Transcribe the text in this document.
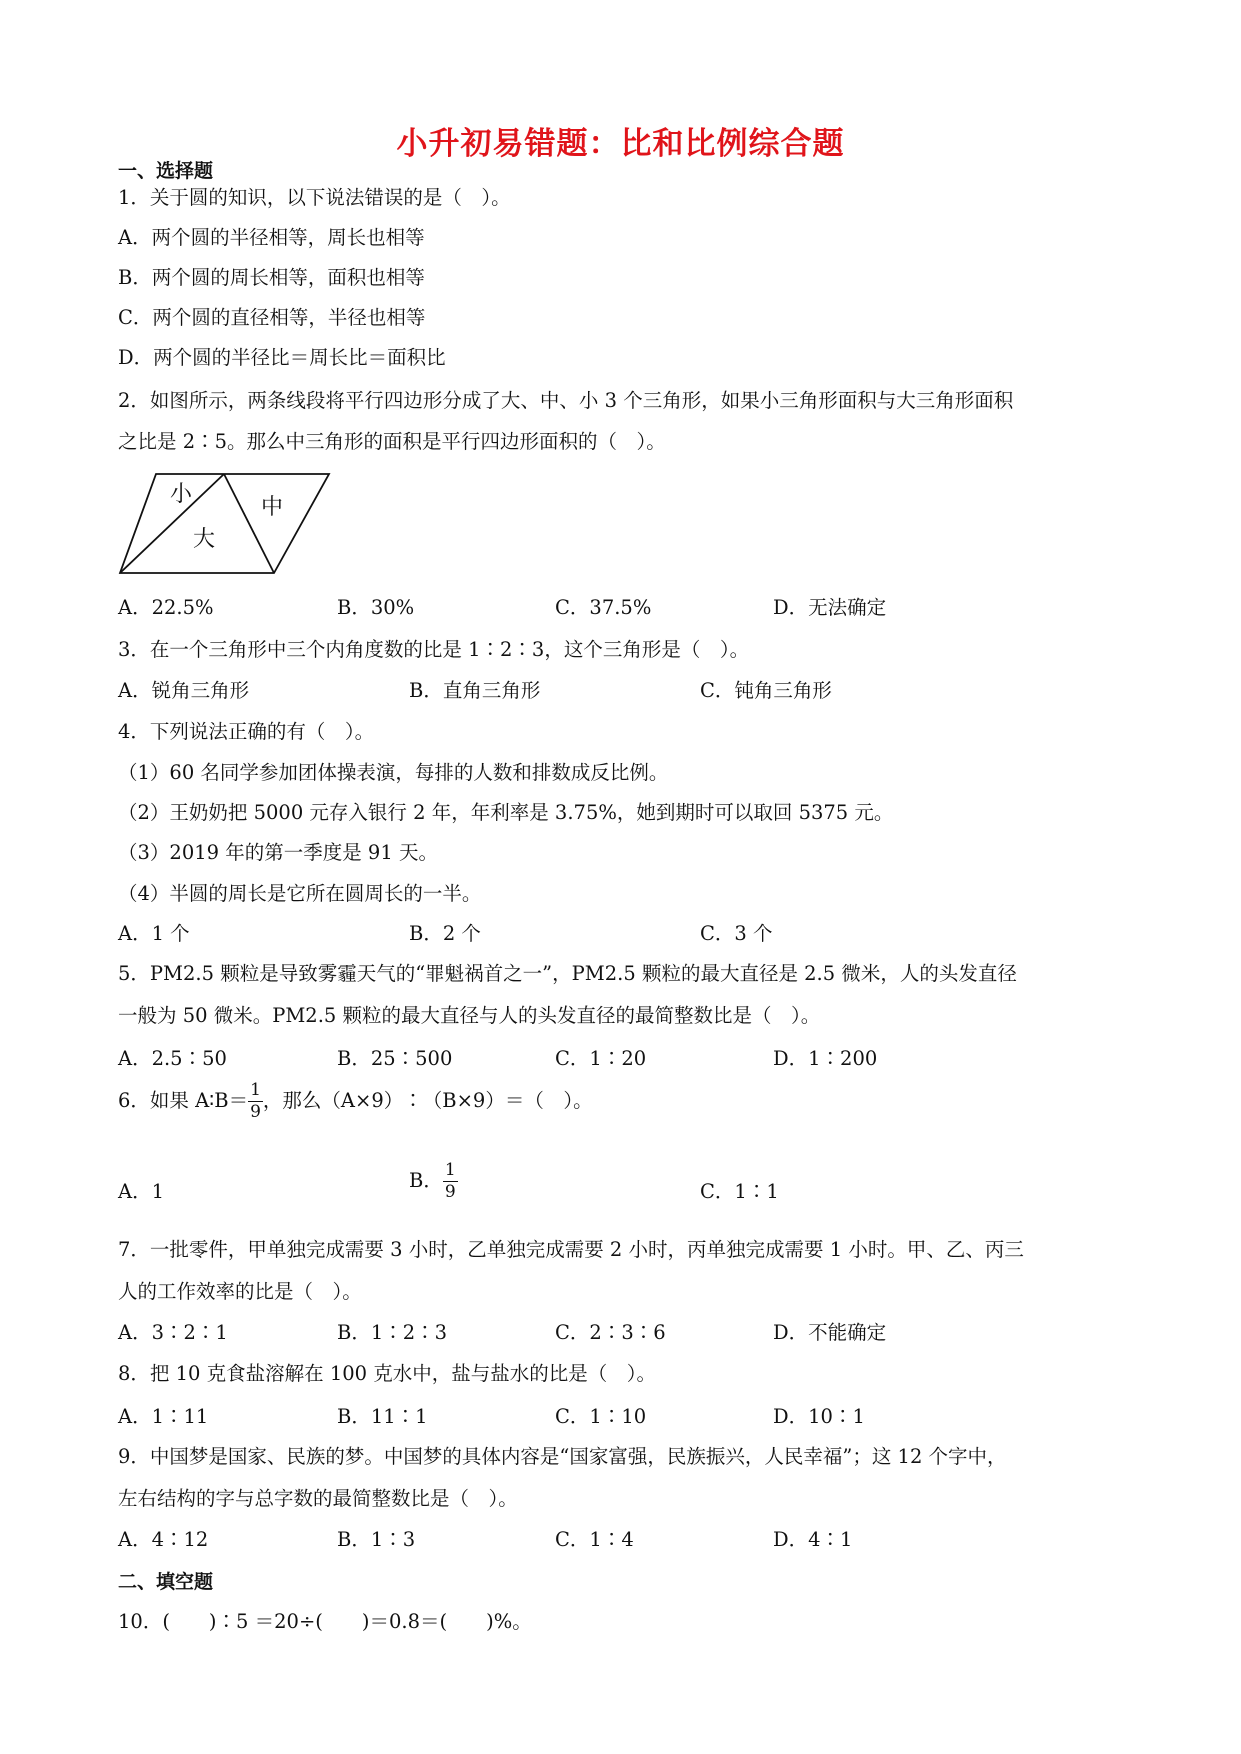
小升初易错题：比和比例综合题
一、选择题
1．关于圆的知识，以下说法错误的是（　）。
A．两个圆的半径相等，周长也相等
B．两个圆的周长相等，面积也相等
C．两个圆的直径相等，半径也相等
D．两个圆的半径比＝周长比＝面积比
2．如图所示，两条线段将平行四边形分成了大、中、小 3 个三角形，如果小三角形面积与大三角形面积
之比是 2∶5。那么中三角形的面积是平行四边形面积的（　）。
小
中
大
A．22.5%	B．30%	C．37.5%	D．无法确定
3．在一个三角形中三个内角度数的比是 1∶2∶3，这个三角形是（　）。
A．锐角三角形	B．直角三角形	C．钝角三角形
4．下列说法正确的有（　）。
（1）60 名同学参加团体操表演，每排的人数和排数成反比例。
（2）王奶奶把 5000 元存入银行 2 年，年利率是 3.75%，她到期时可以取回 5375 元。
（3）2019 年的第一季度是 91 天。
（4）半圆的周长是它所在圆周长的一半。
A．1 个	B．2 个	C．3 个
5．PM2.5 颗粒是导致雾霾天气的“罪魁祸首之一”，PM2.5 颗粒的最大直径是 2.5 微米，人的头发直径
一般为 50 微米。PM2.5 颗粒的最大直径与人的头发直径的最简整数比是（　）。
A．2.5∶50	B．25∶500	C．1∶20	D．1∶200
6．如果 A∶B＝ $\frac{1}{9}$ ，那么（A×9）∶（B×9）＝（　）。
A．1	B． $\frac{1}{9}$	C．1∶1
7．一批零件，甲单独完成需要 3 小时，乙单独完成需要 2 小时，丙单独完成需要 1 小时。甲、乙、丙三
人的工作效率的比是（　）。
A．3∶2∶1	B．1∶2∶3	C．2∶3∶6	D．不能确定
8．把 10 克食盐溶解在 100 克水中，盐与盐水的比是（　）。
A．1∶11	B．11∶1	C．1∶10	D．10∶1
9．中国梦是国家、民族的梦。中国梦的具体内容是“国家富强，民族振兴，人民幸福”；这 12 个字中，
左右结构的字与总字数的最简整数比是（　）。
A．4∶12	B．1∶3	C．1∶4	D．4∶1
二、填空题
10．(　　)∶5 ＝20÷(　　)＝0.8＝(　　)%。
